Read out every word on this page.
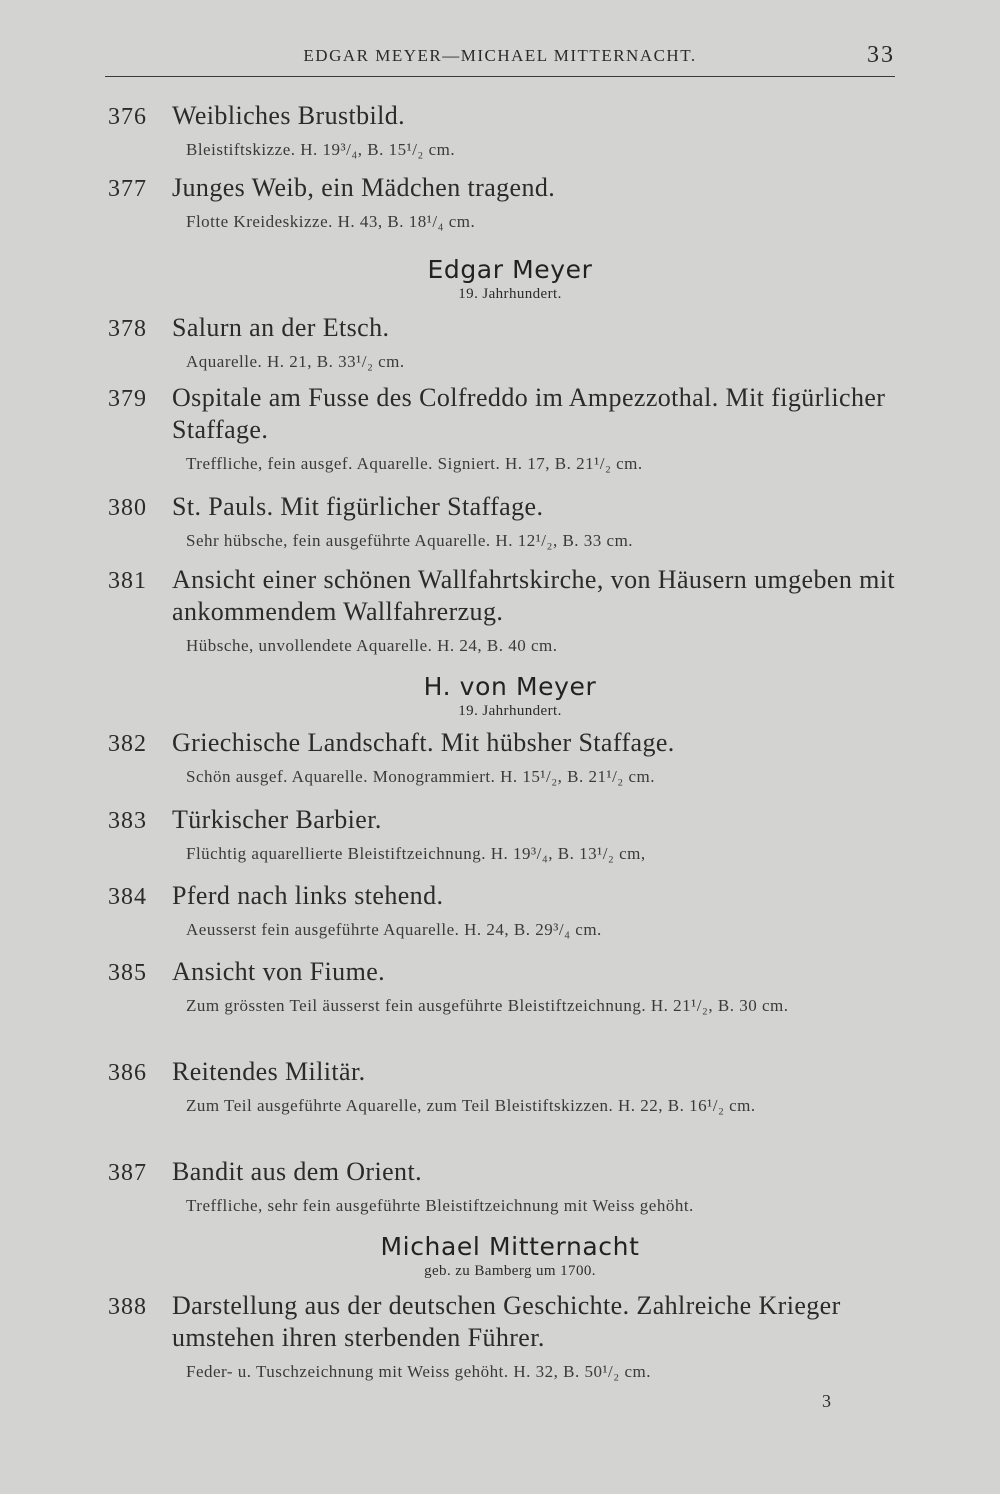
EDGAR MEYER—MICHAEL MITTERNACHT.	33
376 Weibliches Brustbild.
Bleistiftskizze. H. 19³/₄, B. 15¹/₂ cm.
377 Junges Weib, ein Mädchen tragend.
Flotte Kreideskizze. H. 43, B. 18¹/₄ cm.
Edgar Meyer
19. Jahrhundert.
378 Salurn an der Etsch.
Aquarelle. H. 21, B. 33¹/₂ cm.
379 Ospitale am Fusse des Colfreddo im Ampezzothal. Mit figürlicher Staffage.
Treffliche, fein ausgef. Aquarelle. Signiert. H. 17, B. 21¹/₂ cm.
380 St. Pauls. Mit figürlicher Staffage.
Sehr hübsche, fein ausgeführte Aquarelle. H. 12¹/₂, B. 33 cm.
381 Ansicht einer schönen Wallfahrtskirche, von Häusern umgeben mit ankommendem Wallfahrerzug.
Hübsche, unvollendete Aquarelle. H. 24, B. 40 cm.
H. von Meyer
19. Jahrhundert.
382 Griechische Landschaft. Mit hübsher Staffage.
Schön ausgef. Aquarelle. Monogrammiert. H. 15¹/₂, B. 21¹/₂ cm.
383 Türkischer Barbier.
Flüchtig aquarellierte Bleistiftzeichnung. H. 19³/₄, B. 13¹/₂ cm,
384 Pferd nach links stehend.
Aeusserst fein ausgeführte Aquarelle. H. 24, B. 29³/₄ cm.
385 Ansicht von Fiume.
Zum grössten Teil äusserst fein ausgeführte Bleistiftzeichnung. H. 21¹/₂, B. 30 cm.
386 Reitendes Militär.
Zum Teil ausgeführte Aquarelle, zum Teil Bleistiftskizzen. H. 22, B. 16¹/₂ cm.
387 Bandit aus dem Orient.
Treffliche, sehr fein ausgeführte Bleistiftzeichnung mit Weiss gehöht.
Michael Mitternacht
geb. zu Bamberg um 1700.
388 Darstellung aus der deutschen Geschichte. Zahlreiche Krieger umstehen ihren sterbenden Führer.
Feder- u. Tuschzeichnung mit Weiss gehöht. H. 32, B. 50¹/₂ cm.
3
